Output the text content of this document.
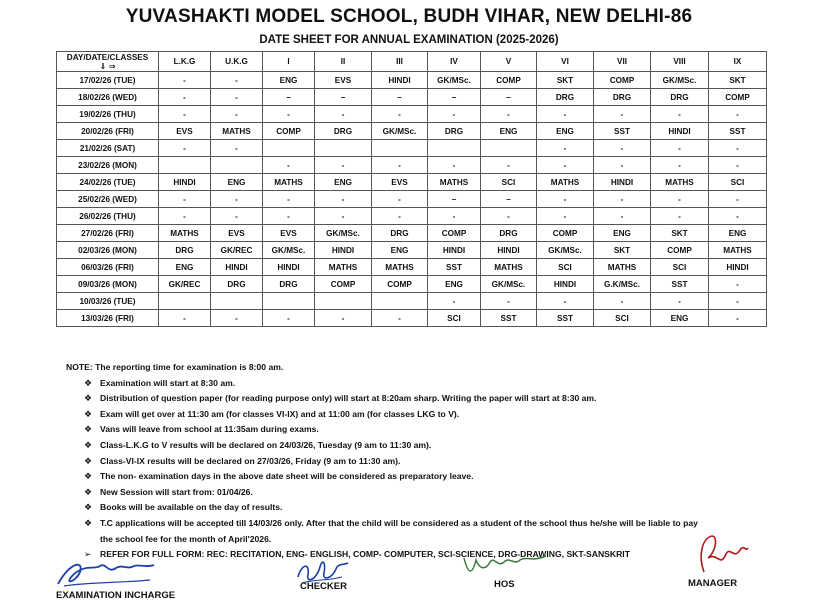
YUVASHAKTI MODEL SCHOOL, BUDH VIHAR, NEW DELHI-86
DATE SHEET FOR ANNUAL EXAMINATION (2025-2026)
DAY/DATE/CLASSES
⇓ ⇒	L.K.G	U.K.G	I	II	III	IV	V	VI	VII	VIII	IX
17/02/26 (TUE)	-	-	ENG	EVS	HINDI	GK/MSc.	COMP	SKT	COMP	GK/MSc.	SKT
18/02/26 (WED)	-	-	–	–	–	–	–	DRG	DRG	DRG	COMP
19/02/26 (THU)	-	-	-	-	-	-	-	-	-	-	-
20/02/26 (FRI)	EVS	MATHS	COMP	DRG	GK/MSc.	DRG	ENG	ENG	SST	HINDI	SST
21/02/26 (SAT)	-	-						-	-	-	-
23/02/26 (MON)			-	-	-	-	-	-	-	-	-
24/02/26 (TUE)	HINDI	ENG	MATHS	ENG	EVS	MATHS	SCI	MATHS	HINDI	MATHS	SCI
25/02/26 (WED)	-	-	-	-	-	–	–	-	-	-	-
26/02/26 (THU)	-	-	-	-	-	-	-	-	-	-	-
27/02/26 (FRI)	MATHS	EVS	EVS	GK/MSc.	DRG	COMP	DRG	COMP	ENG	SKT	ENG
02/03/26 (MON)	DRG	GK/REC	GK/MSc.	HINDI	ENG	HINDI	HINDI	GK/MSc.	SKT	COMP	MATHS
06/03/26 (FRI)	ENG	HINDI	HINDI	MATHS	MATHS	SST	MATHS	SCI	MATHS	SCI	HINDI
09/03/26 (MON)	GK/REC	DRG	DRG	COMP	COMP	ENG	GK/MSc.	HINDI	G.K/MSc.	SST	-
10/03/26 (TUE)						-	-	-	-	-	-
13/03/26 (FRI)	-	-	-	-	-	SCI	SST	SST	SCI	ENG	-
NOTE: The reporting time for examination is 8:00 am.
❖ Examination will start at 8:30 am.
❖ Distribution of question paper (for reading purpose only) will start at 8:20am sharp. Writing the paper will start at 8:30 am.
❖ Exam will get over at 11:30 am (for classes VI-IX) and at 11:00 am (for classes LKG to V).
❖ Vans will leave from school at 11:35am during exams.
❖ Class-L.K.G to V results will be declared on 24/03/26, Tuesday (9 am to 11:30 am).
❖ Class-VI-IX results will be declared on 27/03/26, Friday (9 am to 11:30 am).
❖ The non- examination days in the above date sheet will be considered as preparatory leave.
❖ New Session will start from: 01/04/26.
❖ Books will be available on the day of results.
❖ T.C applications will be accepted till 14/03/26 only. After that the child will be considered as a student of the school thus he/she will be liable to pay
the school fee for the month of April'2026.
➢ REFER FOR FULL FORM: REC: RECITATION, ENG- ENGLISH, COMP- COMPUTER, SCI-SCIENCE, DRG-DRAWING, SKT-SANSKRIT
EXAMINATION INCHARGE
CHECKER	HOS	MANAGER
